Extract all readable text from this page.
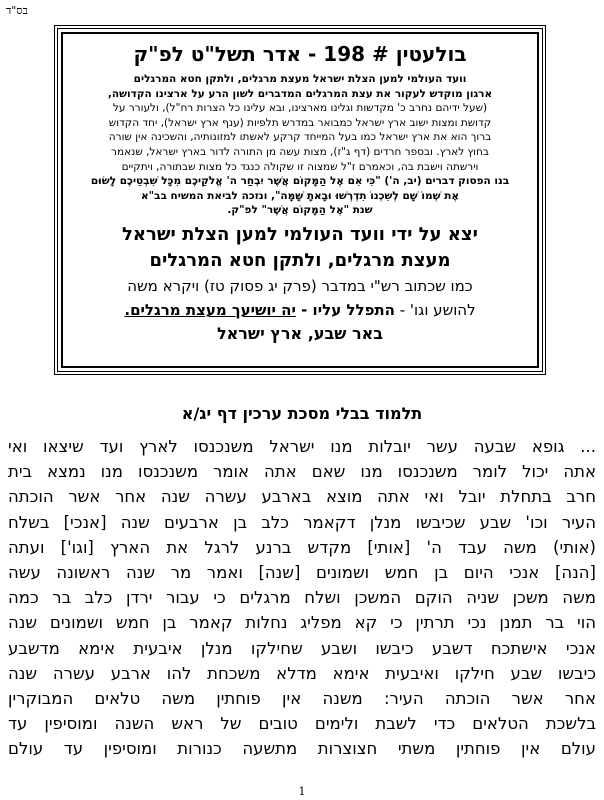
בס"ד
בולעטין # 198 - אדר תשל"ט לפ"ק
וועד העולמי למען הצלת ישראל מעצת מרגלים, ולתקן חטא המרגלים
ארגון מוקדש לעקור את עצת המרגלים המדברים לשון הרע על ארצינו הקדושה,
(שעל ידיהם נחרב כ' מקדשות וגלינו מארצינו, ובא עלינו כל הצרות רח"ל), ולעורר על
קדושת ומצות ישוב ארץ ישראל כמבואר במדרש תלפיות (ענף ארץ ישראל), יחד הקדוש
ברוך הוא את ארץ ישראל כמו בעל המייחד קרקע לאשתו למזונותיה, והשכינה אין שורה
בחוץ לארץ. ובספר חרדים (דף ג"ז), מצות עשה מן התורה לדור בארץ ישראל, שנאמר
וירשתה וישבת בה, וכאמרם ז"ל שמצוה זו שקולה כנגד כל מצות שבתורה, ויתקיים
בנו הפסוק דברים (יב, ה') "כִּי אִם אֶל הַמָּקוֹם אֲשֶׁר יִבְחַר ה' אֱלֹקֵיכֶם מִכָּל שִׁבְטֵיכֶם לָשׂוּם
אֶת שְׁמוֹ שָׁם לְשִׁכְנוֹ תִדְרְשׁוּ וּבָאתָ שָּׁמָּה", ונזכה לביאת המשיח בב"א
שנת "אֶל הַמָּקוֹם אֲשֶׁר" לפ"ק.
יצא על ידי וועד העולמי למען הצלת ישראל
מעצת מרגלים, ולתקן חטא המרגלים
כמו שכתוב רש"י במדבר (פרק יג פסוק טז) ויקרא משה
להושע וגו' - התפלל עליו - יה יושיעך מעצת מרגלים.
באר שבע, ארץ ישראל
תלמוד בבלי מסכת ערכין דף יג/א
... גופא שבעה עשר יובלות מנו ישראל משנכנסו לארץ ועד שיצאו ואי
אתה יכול לומר משנכנסו מנו שאם אתה אומר משנכנסו מנו נמצא בית
חרב בתחלת יובל ואי אתה מוצא בארבע עשרה שנה אחר אשר הוכתה
העיר וכו' שבע שכיבשו מנלן דקאמר כלב בן ארבעים שנה [אנכי] בשלח
(אותי) משה עבד ה' [אותי] מקדש ברנע לרגל את הארץ [וגו'] ועתה
[הנה] אנכי היום בן חמש ושמונים [שנה] ואמר מר שנה ראשונה עשה
משה משכן שניה הוקם המשכן ושלח מרגלים כי עבור ירדן כלב בר כמה
הוי בר תמנן נכי תרתין כי קא מפליג נחלות קאמר בן חמש ושמונים שנה
אנכי אישתכח דשבע כיבשו ושבע שחילקו מנלן איבעית אימא מדשבע
כיבשו שבע חילקו ואיבעית אימא מדלא משכחת להו ארבע עשרה שנה
אחר אשר הוכתה העיר: משנה אין פוחתין משה טלאים המבוקרין
בלשכת הטלאים כדי לשבת ולימים טובים של ראש השנה ומוסיפין עד
עולם אין פוחתין משתי חצוצרות מתשעה כנורות ומוסיפין עד עולם
1
